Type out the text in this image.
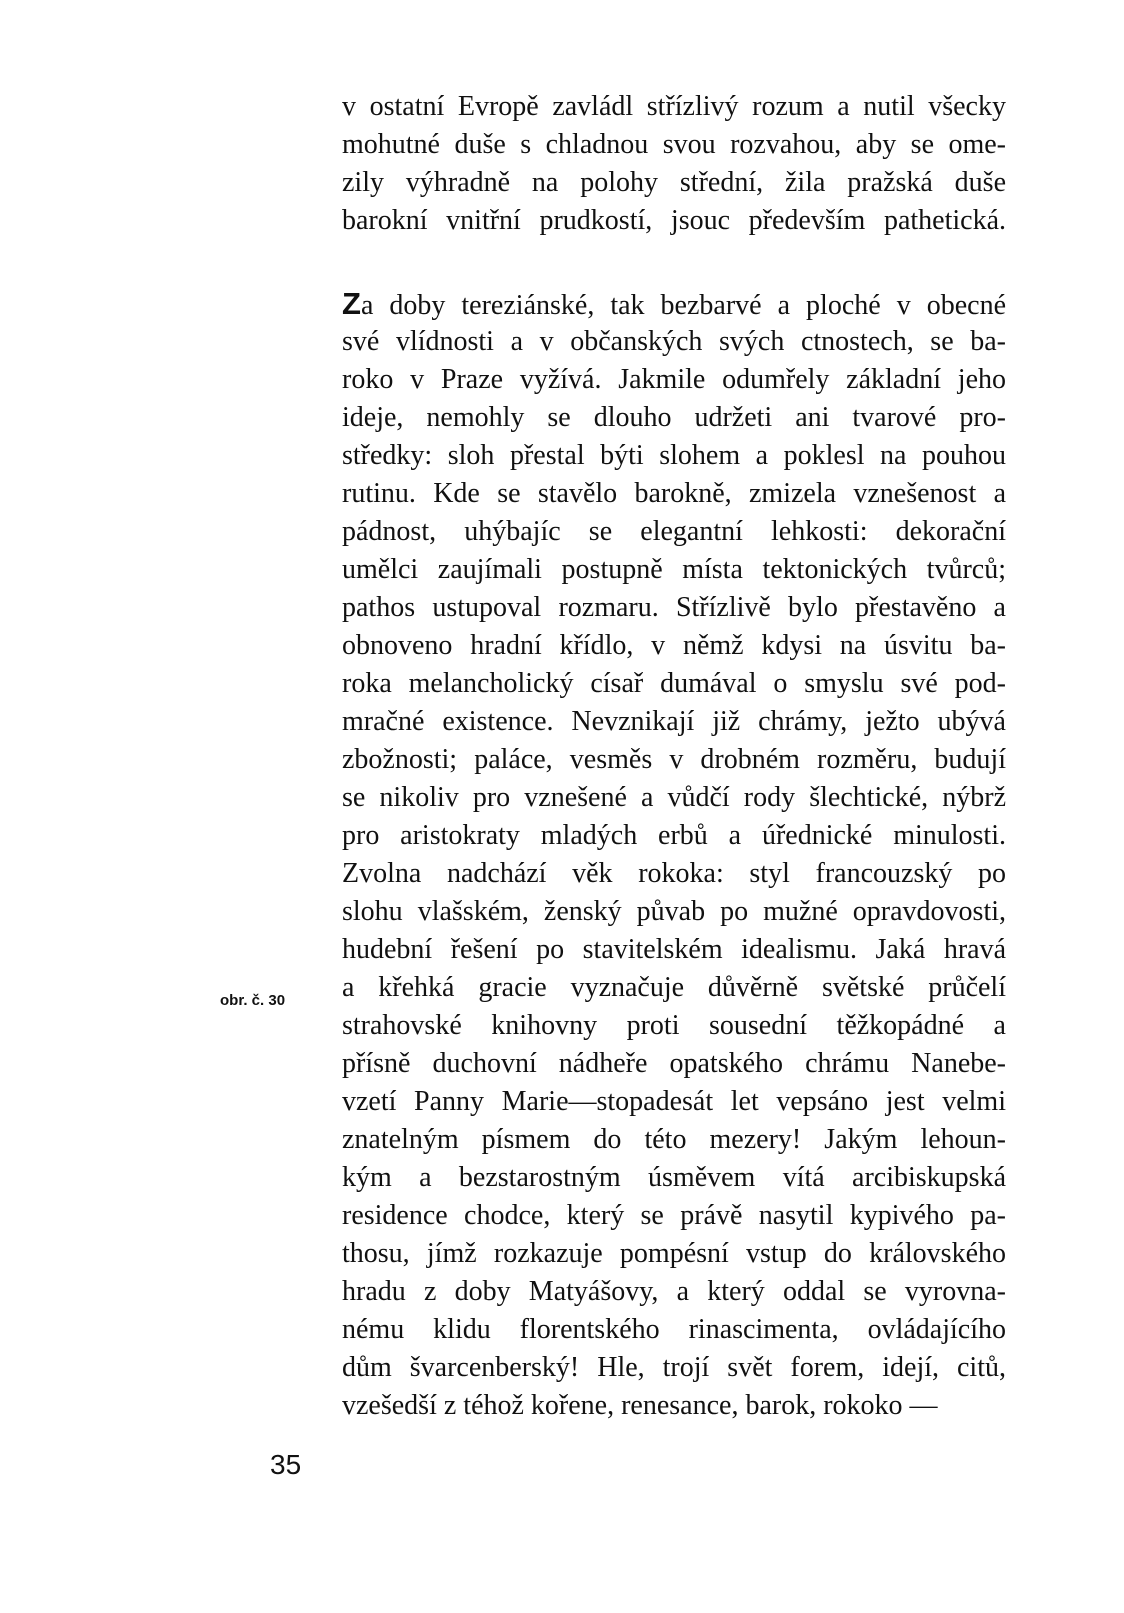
v ostatní Evropě zavládl střízlivý rozum a nutil všecky
mohutné duše s chladnou svou rozvahou, aby se ome-
zily výhradně na polohy střední, žila pražská duše
barokní vnitřní prudkostí, jsouc především pathetická.
Za doby tereziánské, tak bezbarvé a ploché v obecné
své vlídnosti a v občanských svých ctnostech, se ba-
roko v Praze vyžívá. Jakmile odumřely základní jeho
ideje, nemohly se dlouho udržeti ani tvarové pro-
středky: sloh přestal býti slohem a poklesl na pouhou
rutinu. Kde se stavělo barokně, zmizela vznešenost a
pádnost, uhýbajíc se elegantní lehkosti: dekorační
umělci zaujímali postupně místa tektonických tvůrců;
pathos ustupoval rozmaru. Střízlivě bylo přestavěno a
obnoveno hradní křídlo, v němž kdysi na úsvitu ba-
roka melancholický císař dumával o smyslu své pod-
mračné existence. Nevznikají již chrámy, ježto ubývá
zbožnosti; paláce, vesměs v drobném rozměru, budují
se nikoliv pro vznešené a vůdčí rody šlechtické, nýbrž
pro aristokraty mladých erbů a úřednické minulosti.
Zvolna nadchází věk rokoka: styl francouzský po
slohu vlašském, ženský půvab po mužné opravdovosti,
hudební řešení po stavitelském idealismu. Jaká hravá
a křehká gracie vyznačuje důvěrně světské průčelí
strahovské knihovny proti sousední těžkopádné a
přísně duchovní nádheře opatského chrámu Nanebe-
vzetí Panny Marie—stopadesát let vepsáno jest velmi
znatelným písmem do této mezery! Jakým lehoun-
kým a bezstarostným úsměvem vítá arcibiskupská
residence chodce, který se právě nasytil kypivého pa-
thosu, jímž rozkazuje pompésní vstup do královského
hradu z doby Matyášovy, a který oddal se vyrovna-
nému klidu florentského rinascimenta, ovládajícího
dům švarcenberský! Hle, trojí svět forem, idejí, citů,
vzešedší z téhož kořene, renesance, barok, rokoko —
obr. č. 30
35
